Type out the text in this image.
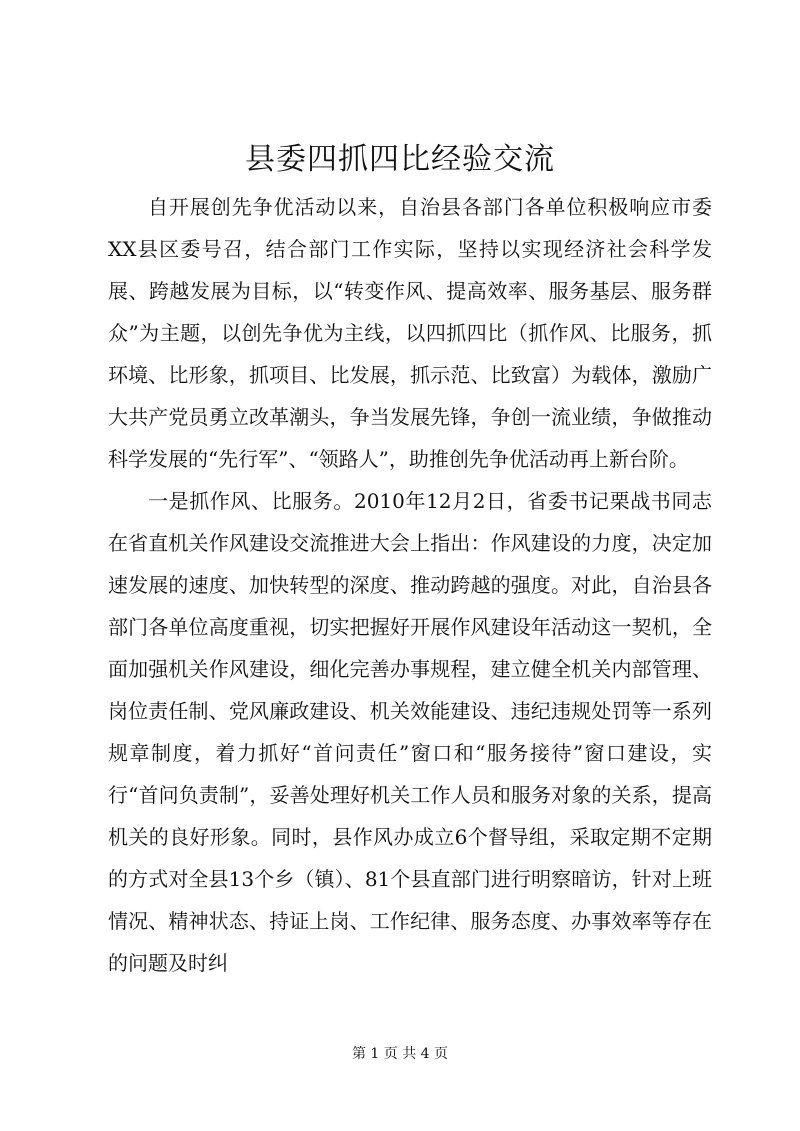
县委四抓四比经验交流

自开展创先争优活动以来，自治县各部门各单位积极响应市委XX县区委号召，结合部门工作实际，坚持以实现经济社会科学发展、跨越发展为目标，以“转变作风、提高效率、服务基层、服务群众”为主题，以创先争优为主线，以四抓四比（抓作风、比服务，抓环境、比形象，抓项目、比发展，抓示范、比致富）为载体，激励广大共产党员勇立改革潮头，争当发展先锋，争创一流业绩，争做推动科学发展的“先行军”、“领路人”，助推创先争优活动再上新台阶。

一是抓作风、比服务。2010年12月2日，省委书记栗战书同志在省直机关作风建设交流推进大会上指出：作风建设的力度，决定加速发展的速度、加快转型的深度、推动跨越的强度。对此，自治县各部门各单位高度重视，切实把握好开展作风建设年活动这一契机，全面加强机关作风建设，细化完善办事规程，建立健全机关内部管理、岗位责任制、党风廉政建设、机关效能建设、违纪违规处罚等一系列规章制度，着力抓好“首问责任”窗口和“服务接待”窗口建设，实行“首问负责制”，妥善处理好机关工作人员和服务对象的关系，提高机关的良好形象。同时，县作风办成立6个督导组，采取定期不定期的方式对全县13个乡（镇）、81个县直部门进行明察暗访，针对上班情况、精神状态、持证上岗、工作纪律、服务态度、办事效率等存在的问题及时纠

第 1 页 共 4 页
